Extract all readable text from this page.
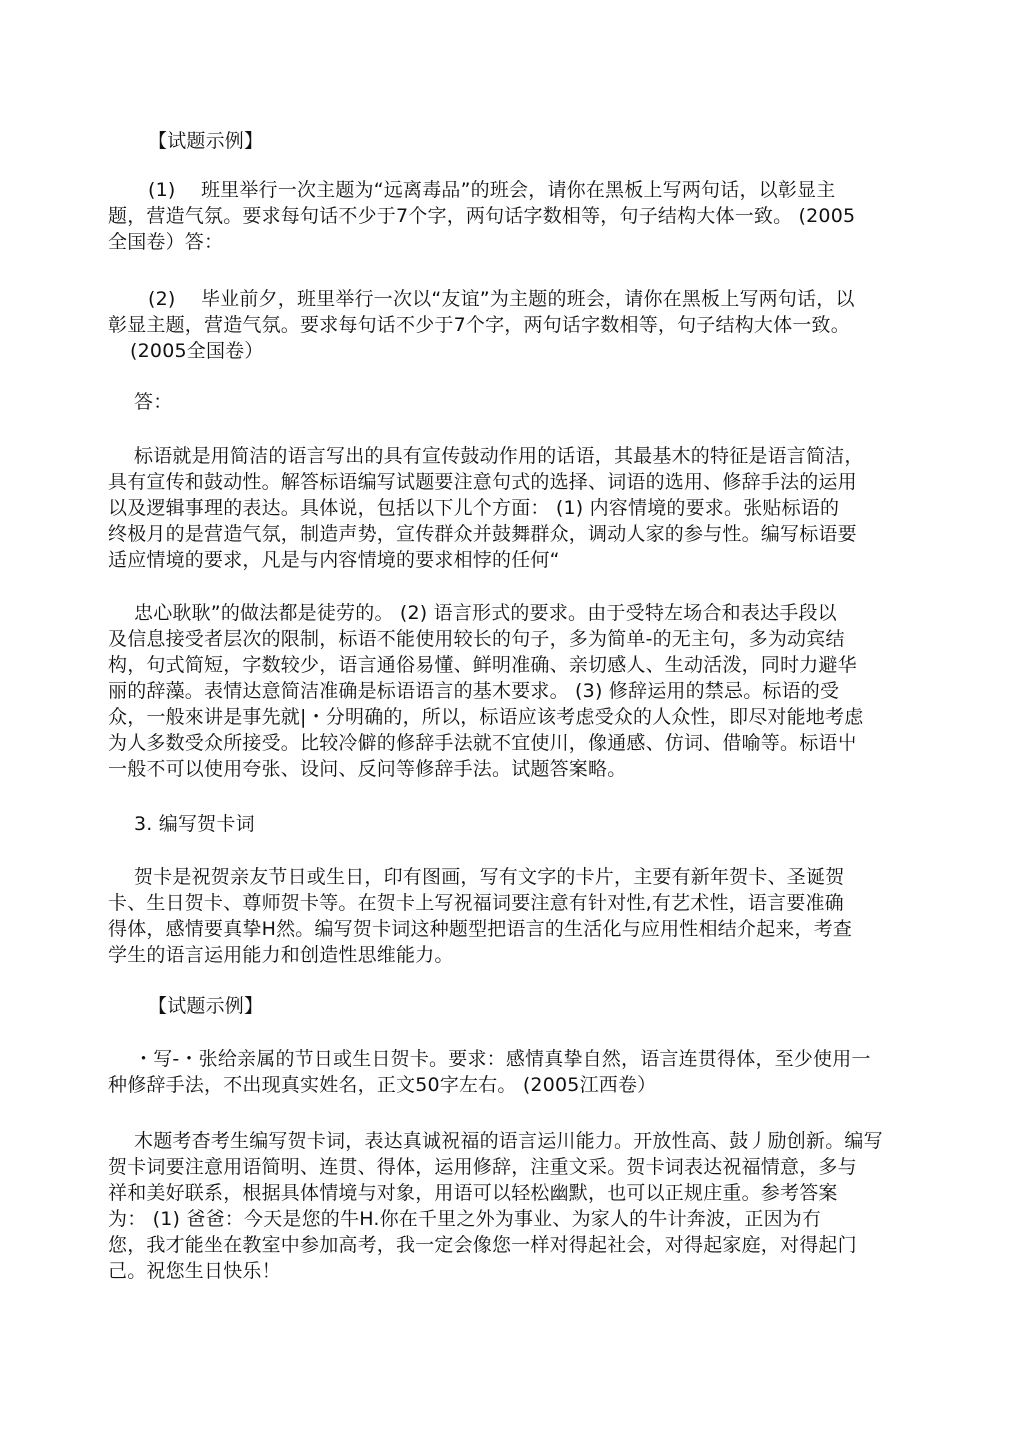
【试题示例】
(1)　 班里举行一次主题为“远离毒品”的班会，请你在黑板上写两句话，以彰显主
题，营造气氛。要求每句话不少于7个字，两句话字数相等，句子结构大体一致。 (2005
全国卷）答：
(2)　 毕业前夕，班里举行一次以“友谊”为主题的班会，请你在黑板上写两句话，以
彰显主题，营造气氛。要求每句话不少于7个字，两句话字数相等，句子结构大体一致。
(2005全国卷）
答：
标语就是用简洁的语言写出的具有宣传鼓动作用的话语，其最基木的特征是语言简洁，
具有宣传和鼓动性。解答标语编写试题要注意句式的选择、词语的选用、修辞手法的运用
以及逻辑事理的表达。具体说，包括以下儿个方面： (1) 内容情境的要求。张贴标语的
终极月的是营造气氛，制造声势，宣传群众并鼓舞群众，调动人家的参与性。编写标语要
适应情境的要求，凡是与内容情境的要求相悖的任何“
忠心耿耿”的做法都是徒劳的。 (2) 语言形式的要求。由于受特左场合和表达手段以
及信息接受者层次的限制，标语不能使用较长的句子，多为简单-的无主句，多为动宾结
构，句式简短，字数较少，语言通俗易懂、鲜明准确、亲切感人、生动活泼，同时力避华
丽的辞藻。表情达意简洁准确是标语语言的基木要求。 (3) 修辞运用的禁忌。标语的受
众，一般來讲是事先就|・分明确的，所以，标语应该考虑受众的人众性，即尽对能地考虑
为人多数受众所接受。比较冷僻的修辞手法就不宜使川，像通感、仿词、借喻等。标语屮
一般不可以使用夸张、设问、反问等修辞手法。试题答案略。
3. 编写贺卡词
贺卡是祝贺亲友节日或生日，印有图画，写有文字的卡片，主要有新年贺卡、圣诞贺
卡、生日贺卡、尊师贺卡等。在贺卡上写祝福词要注意有针对性,有艺术性，语言要准确
得体，感情要真挚H然。编写贺卡词这种题型把语言的生活化与应用性相结介起来，考查
学生的语言运用能力和创造性思维能力。
【试题示例】
・写-・张给亲属的节日或生日贺卡。要求：感情真挚自然，语言连贯得体，至少使用一
种修辞手法，不出现真实姓名，正文50字左右。 (2005江西卷）
木题考杳考生编写贺卡词，表达真诚祝福的语言运川能力。开放性高、鼓丿励创新。编写
贺卡词要注意用语简明、连贯、得体，运用修辞，注重文采。贺卡词表达祝福情意，多与
祥和美好联系，根据具体情境与对象，用语可以轻松幽默，也可以正规庄重。参考答案
为： (1) 爸爸：今天是您的牛H.你在千里之外为事业、为家人的牛计奔波，正因为冇
您，我才能坐在教室中参加高考，我一定会像您一样对得起社会，对得起家庭，对得起门
己。祝您生日快乐！
